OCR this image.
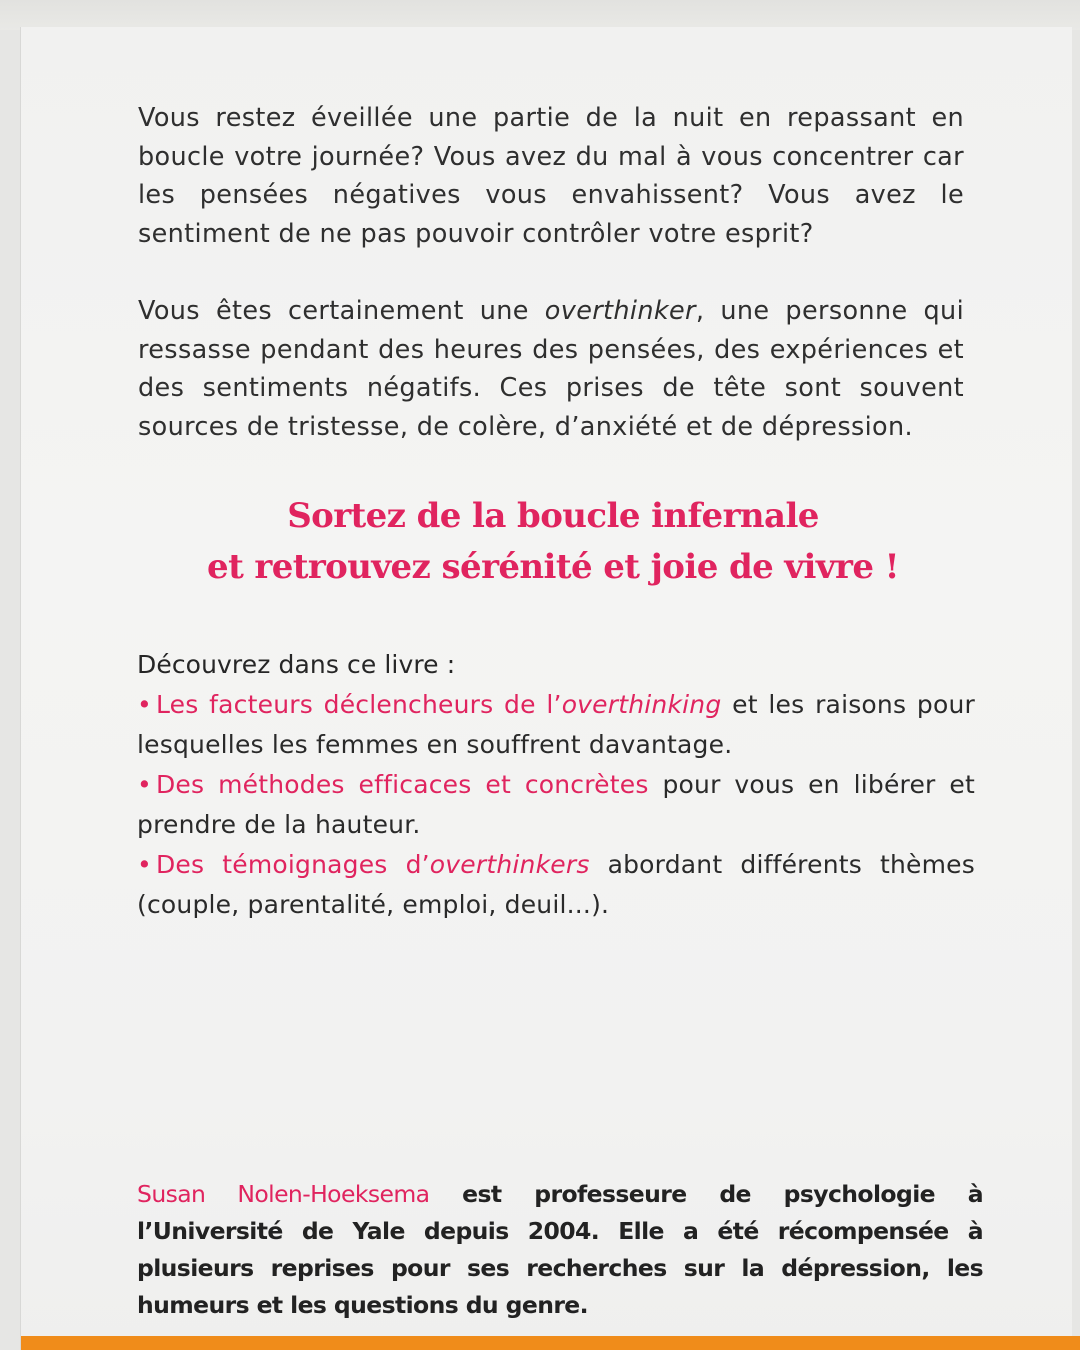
Vous restez éveillée une partie de la nuit en repassant en boucle votre journée? Vous avez du mal à vous concentrer car les pensées négatives vous envahissent? Vous avez le sentiment de ne pas pouvoir contrôler votre esprit?

Vous êtes certainement une overthinker, une personne qui ressasse pendant des heures des pensées, des expériences et des sentiments négatifs. Ces prises de tête sont souvent sources de tristesse, de colère, d’anxiété et de dépression.

Sortez de la boucle infernale
et retrouvez sérénité et joie de vivre !
Découvrez dans ce livre :
• Les facteurs déclencheurs de l’overthinking et les raisons pour lesquelles les femmes en souffrent davantage.
• Des méthodes efficaces et concrètes pour vous en libérer et prendre de la hauteur.
• Des témoignages d’overthinkers abordant différents thèmes (couple, parentalité, emploi, deuil...).
Susan Nolen-Hoeksema est professeure de psychologie à l’Université de Yale depuis 2004. Elle a été récompensée à plusieurs reprises pour ses recherches sur la dépression, les humeurs et les questions du genre.
